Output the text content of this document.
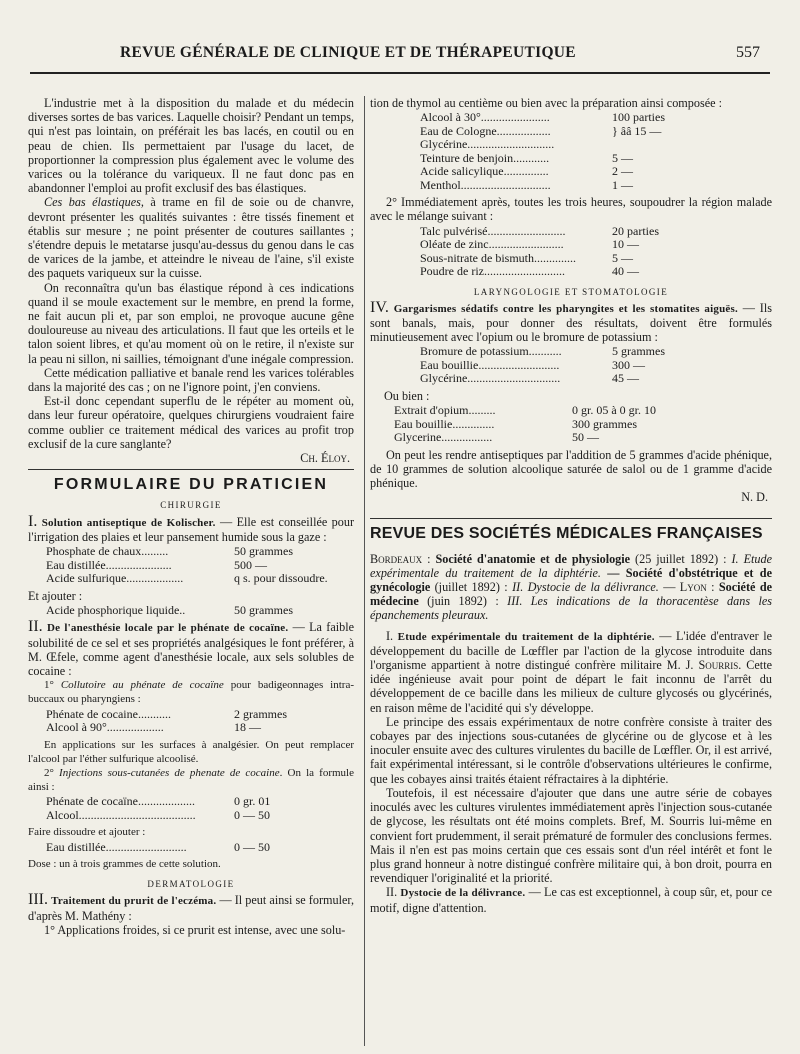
REVUE GÉNÉRALE DE CLINIQUE ET DE THÉRAPEUTIQUE	557

L'industrie met à la disposition du malade et du médecin diverses sortes de bas varices. Laquelle choisir? Pendant un temps, qui n'est pas lointain, on préférait les bas lacés, en coutil ou en peau de chien. Ils permettaient par l'usage du lacet, de proportionner la compression plus également avec le volume des varices ou la tolérance du variqueux. Il ne faut donc pas en abandonner l'emploi au profit exclusif des bas élastiques.

Ces bas élastiques, à trame en fil de soie ou de chanvre, devront présenter les qualités suivantes : être tissés finement et établis sur mesure ; ne point présenter de coutures saillantes ; s'étendre depuis le metatarse jusqu'au-dessus du genou dans le cas de varices de la jambe, et atteindre le niveau de l'aine, s'il existe des paquets variqueux sur la cuisse.

On reconnaîtra qu'un bas élastique répond à ces indications quand il se moule exactement sur le membre, en prend la forme, ne fait aucun pli et, par son emploi, ne provoque aucune gêne douloureuse au niveau des articulations. Il faut que les orteils et le talon soient libres, et qu'au moment où on le retire, il n'existe sur la peau ni sillon, ni saillies, témoignant d'une inégale compression.

Cette médication palliative et banale rend les varices tolérables dans la majorité des cas ; on ne l'ignore point, j'en conviens.

Est-il donc cependant superflu de le répéter au moment où, dans leur fureur opératoire, quelques chirurgiens voudraient faire comme oublier ce traitement médical des varices au profit trop exclusif de la cure sanglante?

Ch. Éloy.

FORMULAIRE DU PRATICIEN
CHIRURGIE

I. Solution antiseptique de Kolischer. — Elle est conseillée pour l'irrigation des plaies et leur pansement humide sous la gaze :

Phosphate de chaux.........	50 grammes
Eau distillée......................	500 —
Acide sulfurique...................	q s. pour dissoudre.

Et ajouter :

Acide phosphorique liquide..	50 grammes

II. De l'anesthésie locale par le phénate de cocaïne. — La faible solubilité de ce sel et ses propriétés analgésiques le font préférer, à M. Œfele, comme agent d'anesthésie locale, aux sels solubles de cocaine :

1° Collutoire au phénate de cocaïne pour badigeonnages intra-buccaux ou pharyngiens :

Phénate de cocaine...........	2 grammes
Alcool à 90°...................	18 —

En applications sur les surfaces à analgésier. On peut remplacer l'alcool par l'éther sulfurique alcoolisé.

2° Injections sous-cutanées de phenate de cocaine. On la formule ainsi :

Phénate de cocaïne...................	0 gr. 01
Alcool.......................................	0 — 50

Faire dissoudre et ajouter :

Eau distillée...........................	0 — 50

Dose : un à trois grammes de cette solution.

DERMATOLOGIE

III. Traitement du prurit de l'eczéma. — Il peut ainsi se formuler, d'après M. Mathény :

1° Applications froides, si ce prurit est intense, avec une solu-

tion de thymol au centième ou bien avec la préparation ainsi composée :

Alcool à 30°.......................	100 parties
Eau de Cologne..................	} ââ 15 —
Glycérine.............................	
Teinture de benjoin............	5 —
Acide salicylique...............	2 —
Menthol..............................	1 —

2° Immédiatement après, toutes les trois heures, soupoudrer la région malade avec le mélange suivant :

Talc pulvérisé..........................	20 parties
Oléate de zinc.........................	10 —
Sous-nitrate de bismuth..............	5 —
Poudre de riz...........................	40 —
LARYNGOLOGIE ET STOMATOLOGIE

IV. Gargarismes sédatifs contre les pharyngites et les stomatites aiguës. — Ils sont banals, mais, pour donner des résultats, doivent être formulés minutieusement avec l'opium ou le bromure de potassium :

Bromure de potassium...........	5 grammes
Eau bouillie...........................	300 —
Glycérine...............................	45 —

Ou bien :

Extrait d'opium.........	0 gr. 05 à 0 gr. 10
Eau bouillie..............	300 grammes
Glycerine.................	50 —

On peut les rendre antiseptiques par l'addition de 5 grammes d'acide phénique, de 10 grammes de solution alcoolique saturée de salol ou de 1 gramme d'acide phénique.

N. D.

REVUE DES SOCIÉTÉS MÉDICALES FRANÇAISES

Bordeaux : Société d'anatomie et de physiologie (25 juillet 1892) : I. Etude expérimentale du traitement de la diphtérie. — Société d'obstétrique et de gynécologie (juillet 1892) : II. Dystocie de la délivrance. — Lyon : Société de médecine (juin 1892) : III. Les indications de la thoracentèse dans les épanchements pleuraux.

I. Etude expérimentale du traitement de la diphtérie. — L'idée d'entraver le développement du bacille de Lœffler par l'action de la glycose introduite dans l'organisme appartient à notre distingué confrère militaire M. J. Sourris. Cette idée ingénieuse avait pour point de départ le fait inconnu de l'arrêt du développement de ce bacille dans les milieux de culture glycosés ou glycérinés, en raison même de l'acidité qui s'y développe.

Le principe des essais expérimentaux de notre confrère consiste à traiter des cobayes par des injections sous-cutanées de glycérine ou de glycose et à les inoculer ensuite avec des cultures virulentes du bacille de Lœffler. Or, il est arrivé, fait expérimental intéressant, si le contrôle d'observations ultérieures le confirme, que les cobayes ainsi traités étaient réfractaires à la diphtérie.

Toutefois, il est nécessaire d'ajouter que dans une autre série de cobayes inoculés avec les cultures virulentes immédiatement après l'injection sous-cutanée de glycose, les résultats ont été moins complets. Bref, M. Sourris lui-même en convient fort prudemment, il serait prématuré de formuler des conclusions fermes. Mais il n'en est pas moins certain que ces essais sont d'un réel intérêt et font le plus grand honneur à notre distingué confrère militaire qui, à bon droit, pourra en revendiquer l'originalité et la priorité.

II. Dystocie de la délivrance. — Le cas est exceptionnel, à coup sûr, et, pour ce motif, digne d'attention.
